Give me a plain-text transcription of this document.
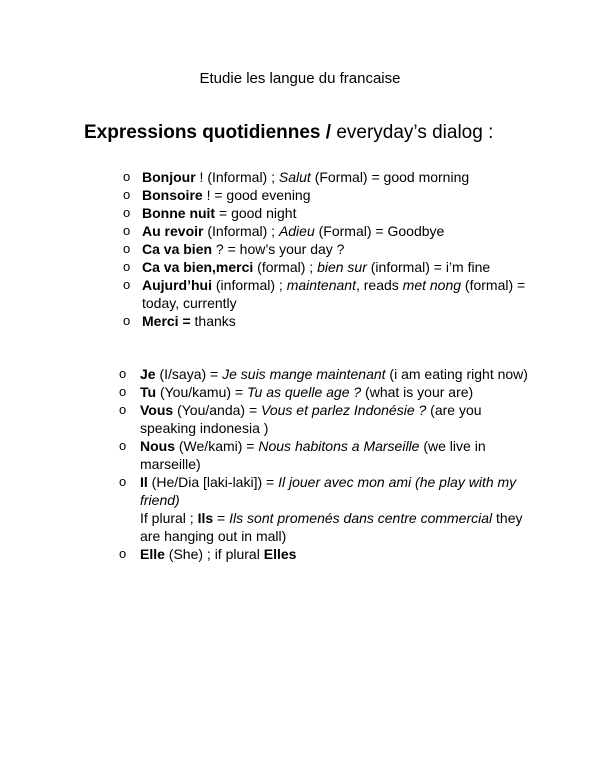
Etudie les langue du francaise
Expressions quotidiennes / everyday’s dialog :
o Bonjour ! (Informal) ; Salut (Formal) = good morning
o Bonsoire ! = good evening
o Bonne nuit = good night
o Au revoir (Informal) ; Adieu (Formal) = Goodbye
o Ca va bien ? = how’s your day ?
o Ca va bien,merci (formal) ; bien sur (informal) = i’m fine
o Aujurd’hui (informal) ; maintenant, reads met nong (formal) = today, currently
o Merci = thanks
o Je (I/saya) = Je suis mange maintenant (i am eating right now)
o Tu (You/kamu) = Tu as quelle age ? (what is your are)
o Vous (You/anda) = Vous et parlez Indonésie ? (are you speaking indonesia )
o Nous (We/kami) = Nous habitons a Marseille (we live in marseille)
o Il (He/Dia [laki-laki]) = Il jouer avec mon ami (he play with my friend)
If plural ; Ils = Ils sont promenés dans centre commercial they are hanging out in mall)
o Elle (She) ; if plural Elles
